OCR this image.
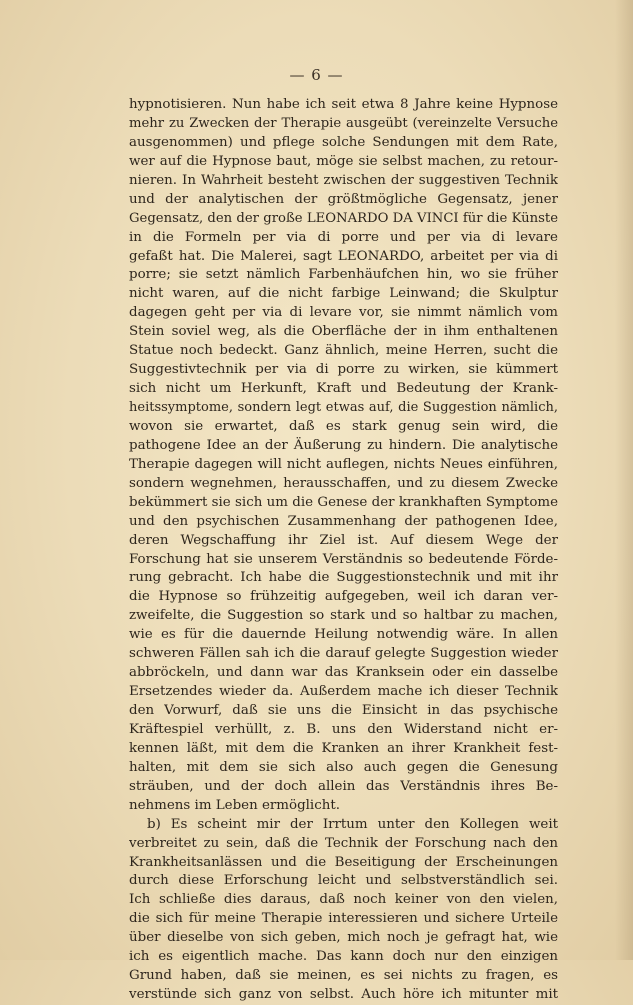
— 6 —
hypnotisieren. Nun habe ich seit etwa 8 Jahre keine Hypnose
mehr zu Zwecken der Therapie ausgeübt (vereinzelte Versuche
ausgenommen) und pflege solche Sendungen mit dem Rate,
wer auf die Hypnose baut, möge sie selbst machen, zu retour-
nieren. In Wahrheit besteht zwischen der suggestiven Technik
und der analytischen der größtmögliche Gegensatz, jener
Gegensatz, den der große LEONARDO DA VINCI für die Künste
in die Formeln per via di porre und per via di levare
gefaßt hat. Die Malerei, sagt LEONARDO, arbeitet per via di
porre; sie setzt nämlich Farbenhäufchen hin, wo sie früher
nicht waren, auf die nicht farbige Leinwand; die Skulptur
dagegen geht per via di levare vor, sie nimmt nämlich vom
Stein soviel weg, als die Oberfläche der in ihm enthaltenen
Statue noch bedeckt. Ganz ähnlich, meine Herren, sucht die
Suggestivtechnik per via di porre zu wirken, sie kümmert
sich nicht um Herkunft, Kraft und Bedeutung der Krank-
heitssymptome, sondern legt etwas auf, die Suggestion nämlich,
wovon sie erwartet, daß es stark genug sein wird, die
pathogene Idee an der Äußerung zu hindern. Die analytische
Therapie dagegen will nicht auflegen, nichts Neues einführen,
sondern wegnehmen, herausschaffen, und zu diesem Zwecke
bekümmert sie sich um die Genese der krankhaften Symptome
und den psychischen Zusammenhang der pathogenen Idee,
deren Wegschaffung ihr Ziel ist. Auf diesem Wege der
Forschung hat sie unserem Verständnis so bedeutende Förde-
rung gebracht. Ich habe die Suggestionstechnik und mit ihr
die Hypnose so frühzeitig aufgegeben, weil ich daran ver-
zweifelte, die Suggestion so stark und so haltbar zu machen,
wie es für die dauernde Heilung notwendig wäre. In allen
schweren Fällen sah ich die darauf gelegte Suggestion wieder
abbröckeln, und dann war das Kranksein oder ein dasselbe
Ersetzendes wieder da. Außerdem mache ich dieser Technik
den Vorwurf, daß sie uns die Einsicht in das psychische
Kräftespiel verhüllt, z. B. uns den Widerstand nicht er-
kennen läßt, mit dem die Kranken an ihrer Krankheit fest-
halten, mit dem sie sich also auch gegen die Genesung
sträuben, und der doch allein das Verständnis ihres Be-
nehmens im Leben ermöglicht.
b) Es scheint mir der Irrtum unter den Kollegen weit
verbreitet zu sein, daß die Technik der Forschung nach den
Krankheitsanlässen und die Beseitigung der Erscheinungen
durch diese Erforschung leicht und selbstverständlich sei.
Ich schließe dies daraus, daß noch keiner von den vielen,
die sich für meine Therapie interessieren und sichere Urteile
über dieselbe von sich geben, mich noch je gefragt hat, wie
ich es eigentlich mache. Das kann doch nur den einzigen
Grund haben, daß sie meinen, es sei nichts zu fragen, es
verstünde sich ganz von selbst. Auch höre ich mitunter mit
